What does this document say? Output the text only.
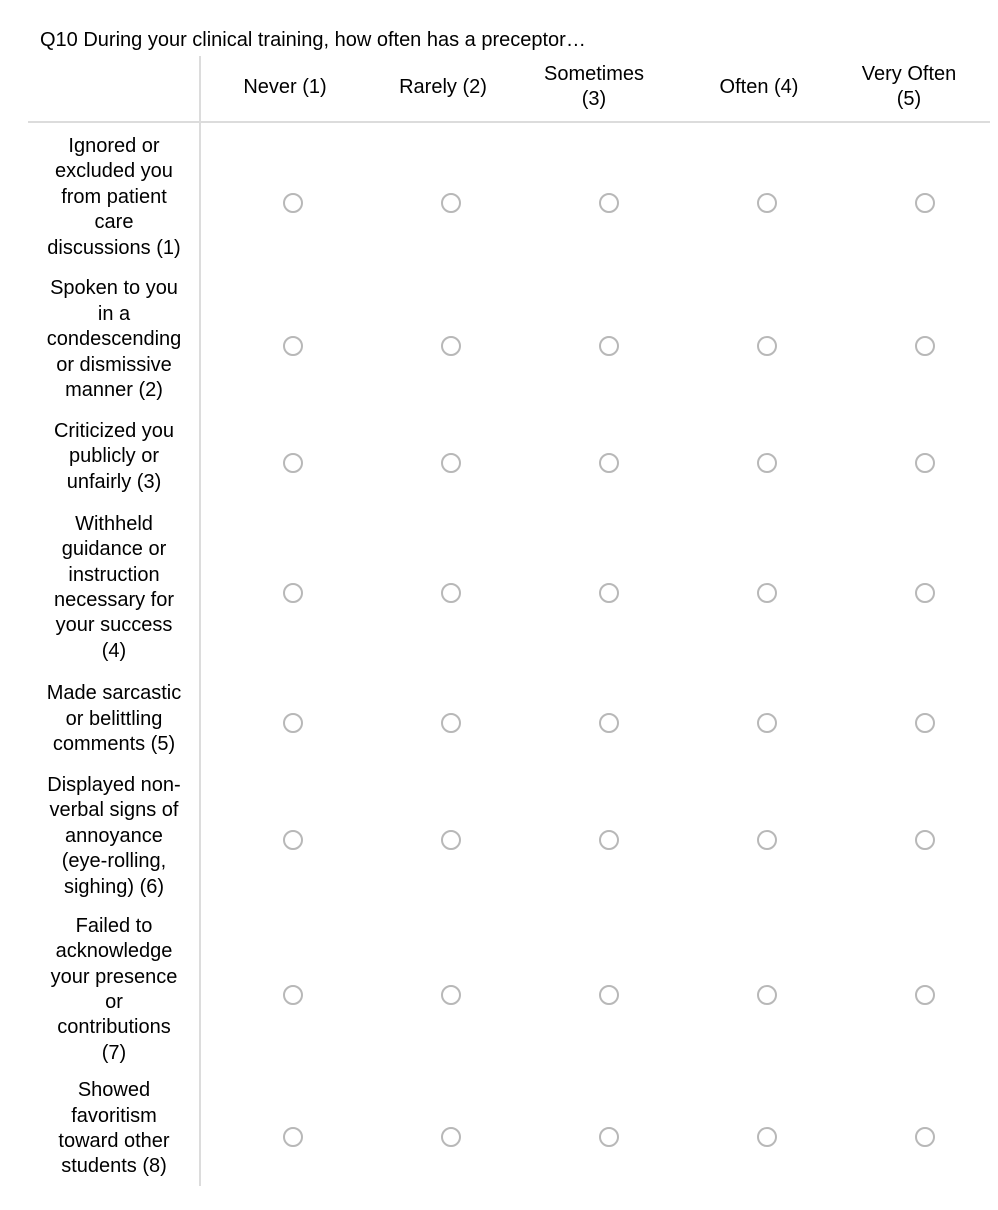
Q10 During your clinical training, how often has a preceptor…
Never (1)	Rarely (2)
Sometimes
(3)
Often (4)
Very Often
(5)
Ignored or
excluded you
from patient
care
discussions (1)
Spoken to you
in a
condescending
or dismissive
manner (2)
Criticized you
publicly or
unfairly (3)
Withheld
guidance or
instruction
necessary for
your success
(4)
Made sarcastic
or belittling
comments (5)
Displayed non-
verbal signs of
annoyance
(eye-rolling,
sighing) (6)
Failed to
acknowledge
your presence
or
contributions
(7)
Showed
favoritism
toward other
students (8)
